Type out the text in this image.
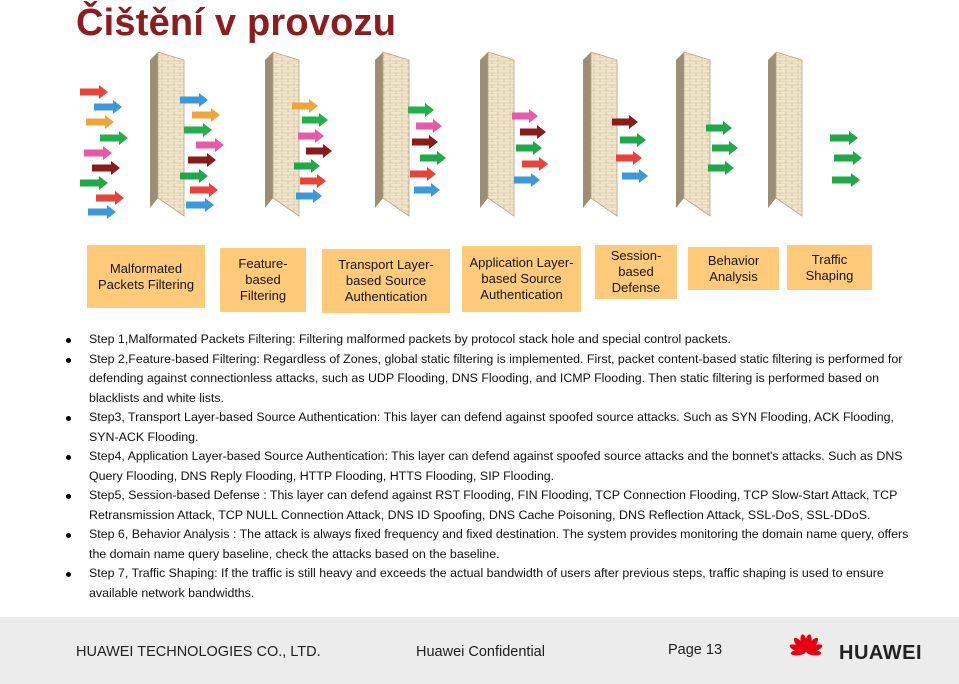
Čištění v provozu
Malformated Packets Filtering
Feature-based Filtering
Transport Layer-based Source Authentication
Application Layer-based Source Authentication
Session-based Defense
Behavior Analysis
Traffic Shaping
Step 1,Malformated Packets Filtering: Filtering malformed packets by protocol stack hole and special control packets.
Step 2,Feature-based Filtering: Regardless of Zones, global static filtering is implemented. First, packet content-based static filtering is performed for defending against connectionless attacks, such as UDP Flooding, DNS Flooding, and ICMP Flooding. Then static filtering is performed based on blacklists and white lists.
Step3, Transport Layer-based Source Authentication: This layer can defend against spoofed source attacks. Such as SYN Flooding, ACK Flooding, SYN-ACK Flooding.
Step4, Application Layer-based Source Authentication: This layer can defend against spoofed source attacks and the bonnet's attacks. Such as DNS Query Flooding, DNS Reply Flooding, HTTP Flooding, HTTS Flooding, SIP Flooding.
Step5, Session-based Defense : This layer can defend against RST Flooding, FIN Flooding, TCP Connection Flooding, TCP Slow-Start Attack, TCP Retransmission Attack, TCP NULL Connection Attack, DNS ID Spoofing, DNS Cache Poisoning, DNS Reflection Attack, SSL-DoS, SSL-DDoS.
Step 6, Behavior Analysis : The attack is always fixed frequency and fixed destination. The system provides monitoring the domain name query, offers the domain name query baseline, check the attacks based on the baseline.
Step 7, Traffic Shaping: If the traffic is still heavy and exceeds the actual bandwidth of users after previous steps, traffic shaping is used to ensure available network bandwidths.
HUAWEI TECHNOLOGIES CO., LTD.	Huawei Confidential	Page 13	HUAWEI
